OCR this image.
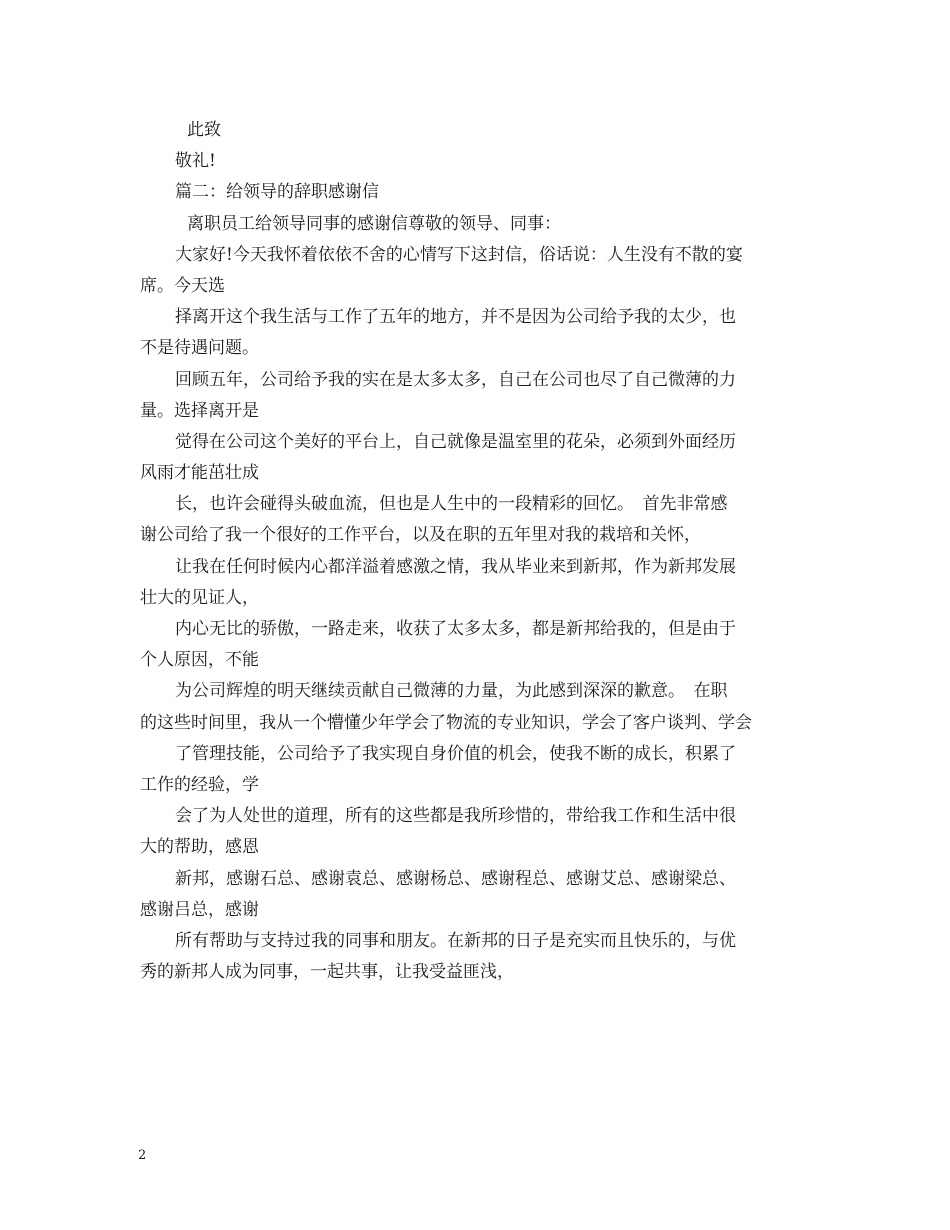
此致
敬礼!
篇二：给领导的辞职感谢信
离职员工给领导同事的感谢信尊敬的领导、同事：
大家好!今天我怀着依依不舍的心情写下这封信，俗话说：人生没有不散的宴
席。今天选
择离开这个我生活与工作了五年的地方，并不是因为公司给予我的太少，也
不是待遇问题。
回顾五年，公司给予我的实在是太多太多，自己在公司也尽了自己微薄的力
量。选择离开是
觉得在公司这个美好的平台上，自己就像是温室里的花朵，必须到外面经历
风雨才能茁壮成
长，也许会碰得头破血流，但也是人生中的一段精彩的回忆。　首先非常感
谢公司给了我一个很好的工作平台，以及在职的五年里对我的栽培和关怀，
让我在任何时候内心都洋溢着感激之情，我从毕业来到新邦，作为新邦发展
壮大的见证人，
内心无比的骄傲，一路走来，收获了太多太多，都是新邦给我的，但是由于
个人原因，不能
为公司辉煌的明天继续贡献自己微薄的力量，为此感到深深的歉意。　在职
的这些时间里，我从一个懵懂少年学会了物流的专业知识，学会了客户谈判、学会
了管理技能，公司给予了我实现自身价值的机会，使我不断的成长，积累了
工作的经验，学
会了为人处世的道理，所有的这些都是我所珍惜的，带给我工作和生活中很
大的帮助，感恩
新邦，感谢石总、感谢袁总、感谢杨总、感谢程总、感谢艾总、感谢梁总、
感谢吕总，感谢
所有帮助与支持过我的同事和朋友。在新邦的日子是充实而且快乐的，与优
秀的新邦人成为同事，一起共事，让我受益匪浅，
2
